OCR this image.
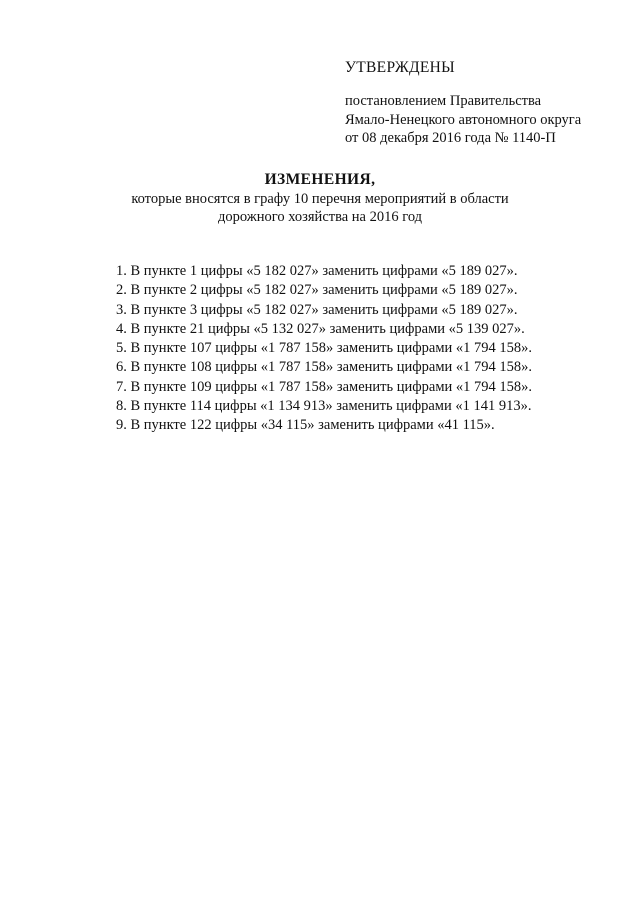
УТВЕРЖДЕНЫ
постановлением Правительства
Ямало-Ненецкого автономного округа
от 08 декабря 2016 года № 1140-П
ИЗМЕНЕНИЯ,
которые вносятся в графу 10 перечня мероприятий в области
дорожного хозяйства на 2016 год
1. В пункте 1 цифры «5 182 027» заменить цифрами «5 189 027».
2. В пункте 2 цифры «5 182 027» заменить цифрами «5 189 027».
3. В пункте 3 цифры «5 182 027» заменить цифрами «5 189 027».
4. В пункте 21 цифры «5 132 027» заменить цифрами «5 139 027».
5. В пункте 107 цифры «1 787 158» заменить цифрами «1 794 158».
6. В пункте 108 цифры «1 787 158» заменить цифрами «1 794 158».
7. В пункте 109 цифры «1 787 158» заменить цифрами «1 794 158».
8. В пункте 114 цифры «1 134 913» заменить цифрами «1 141 913».
9. В пункте 122 цифры «34 115» заменить цифрами «41 115».
